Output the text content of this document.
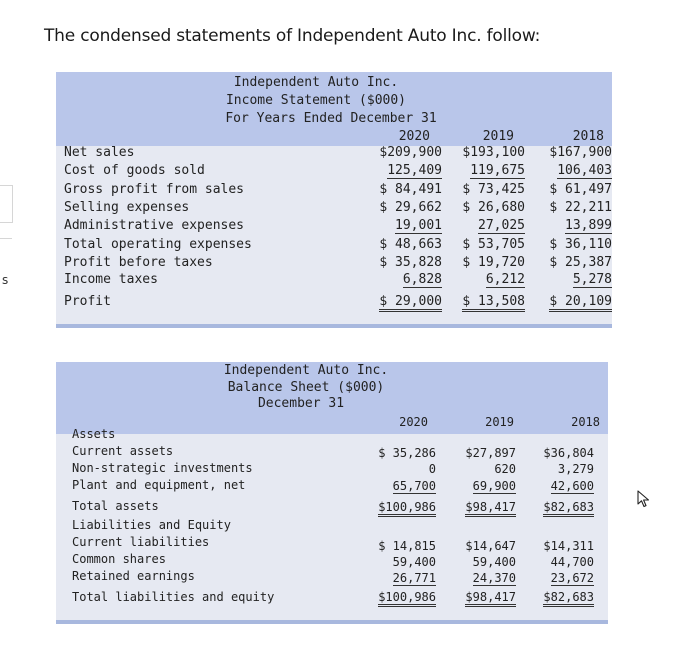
The condensed statements of Independent Auto Inc. follow:
s
Independent Auto Inc.
Income Statement ($000)
For Years Ended December 31
2020	2019	2018
Net sales	$209,900 $193,100 $167,900
Cost of goods sold	125,409 119,675 106,403
Gross profit from sales	$ 84,491 $ 73,425 $ 61,497
Selling expenses	$ 29,662 $ 26,680 $ 22,211
Administrative expenses	19,001	27,025	13,899
Total operating expenses	$ 48,663 $ 53,705 $ 36,110
Profit before taxes	$ 35,828 $ 19,720 $ 25,387
Income taxes	6,828	6,212	5,278
Profit	$ 29,000 $ 13,508 $ 20,109
Independent Auto Inc.
Balance Sheet ($000)
December 31
2020	2019	2018
Assets
Current assets	$ 35,286 $27,897 $36,804
Non-strategic investments	0	620	3,279
Plant and equipment, net	65,700	69,900	42,600
Total assets	$100,986 $98,417 $82,683
Liabilities and Equity
Current liabilities	$ 14,815 $14,647 $14,311
Common shares	59,400	59,400	44,700
Retained earnings	26,771	24,370	23,672
Total liabilities and equity	$100,986 $98,417 $82,683
